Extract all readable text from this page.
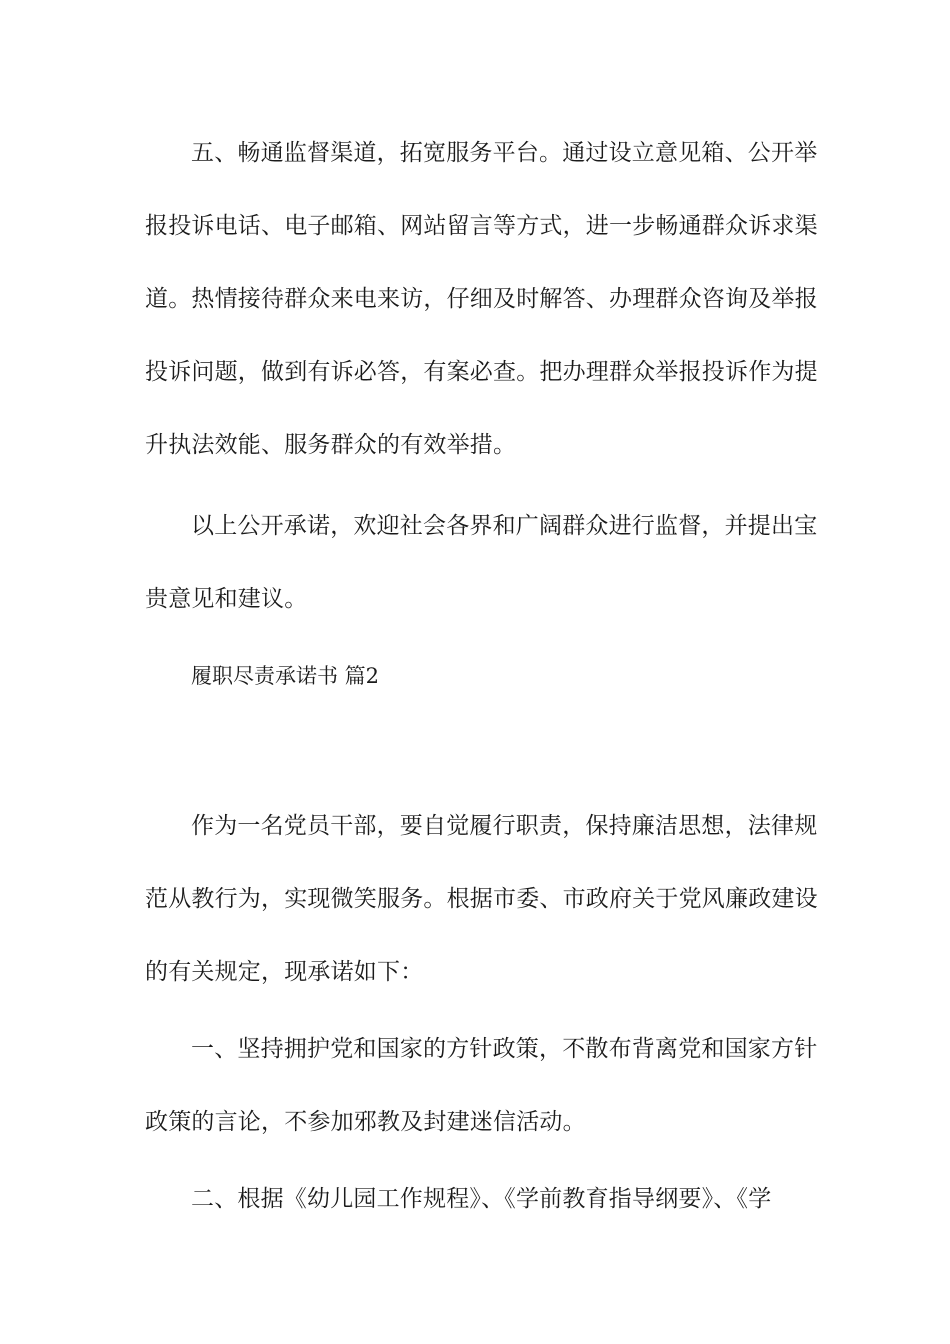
五、畅通监督渠道，拓宽服务平台。通过设立意见箱、公开举
报投诉电话、电子邮箱、网站留言等方式，进一步畅通群众诉求渠
道。热情接待群众来电来访，仔细及时解答、办理群众咨询及举报
投诉问题，做到有诉必答，有案必查。把办理群众举报投诉作为提
升执法效能、服务群众的有效举措。
以上公开承诺，欢迎社会各界和广阔群众进行监督，并提出宝
贵意见和建议。
履职尽责承诺书 篇2
作为一名党员干部，要自觉履行职责，保持廉洁思想，法律规
范从教行为，实现微笑服务。根据市委、市政府关于党风廉政建设
的有关规定，现承诺如下：
一、坚持拥护党和国家的方针政策，不散布背离党和国家方针
政策的言论，不参加邪教及封建迷信活动。
二、根据《幼儿园工作规程》、《学前教育指导纲要》、《学
